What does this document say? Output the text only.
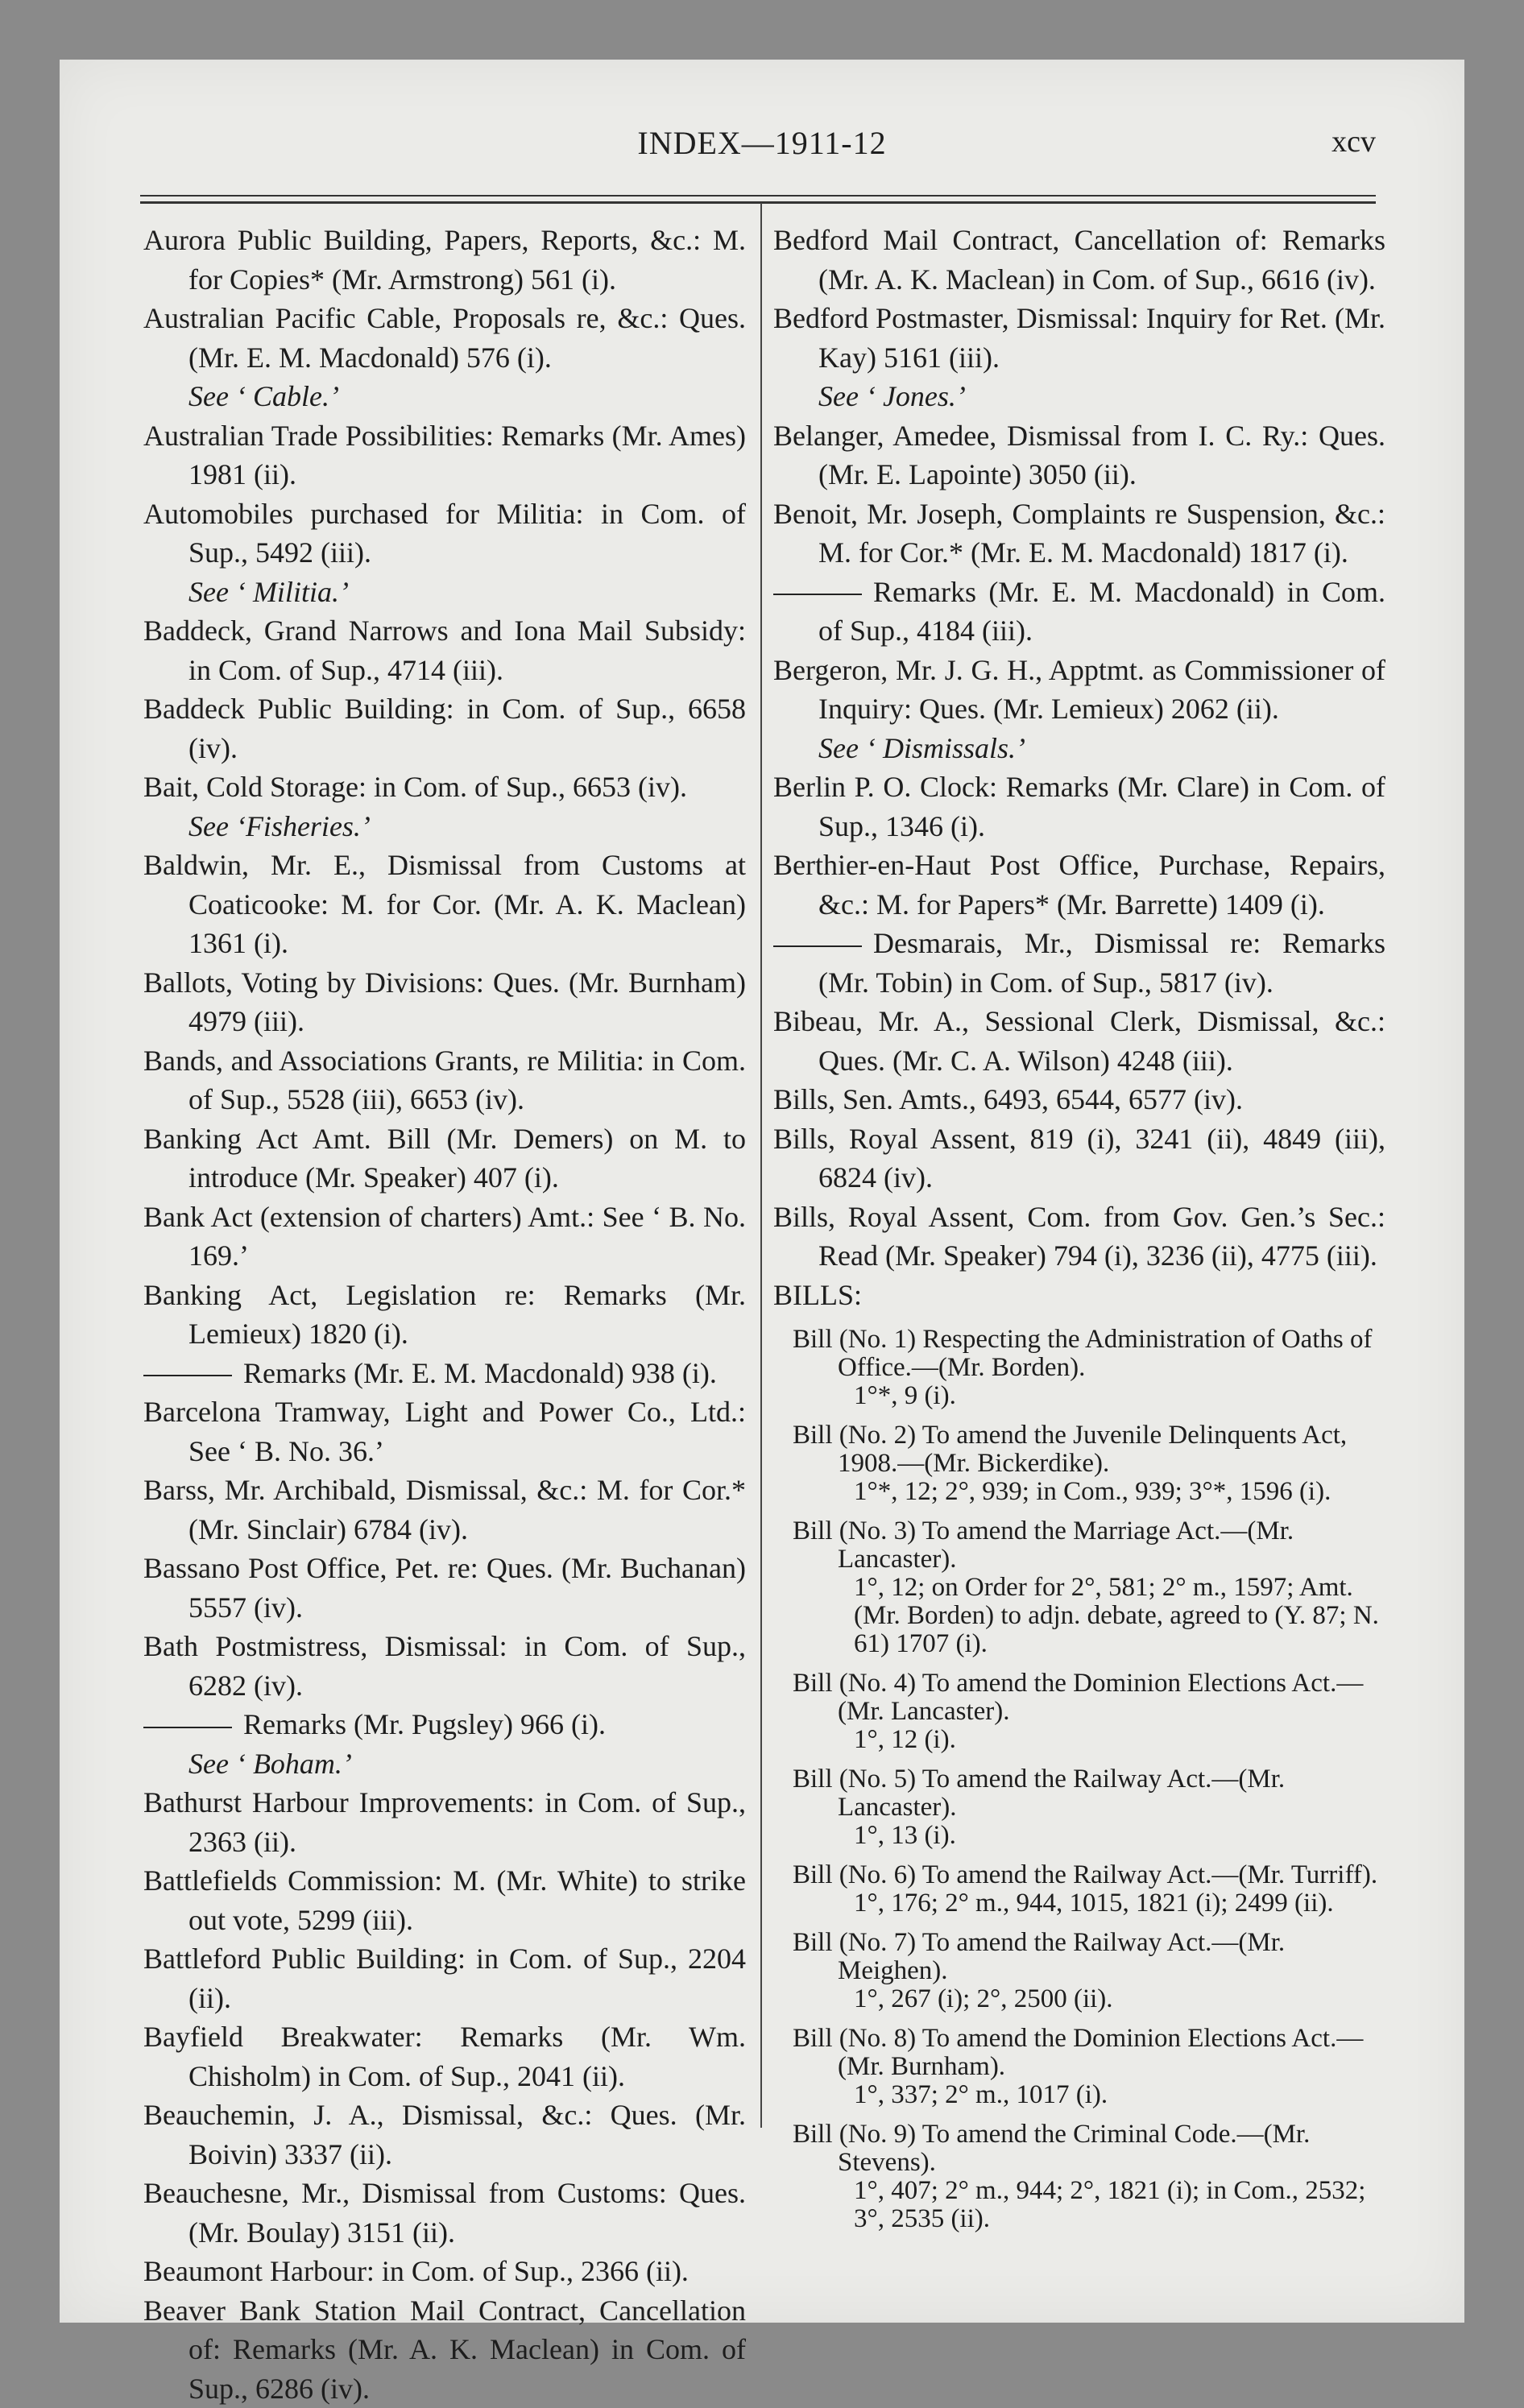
INDEX—1911-12	xcv

Aurora Public Building, Papers, Reports, &c.: M. for Copies* (Mr. Armstrong) 561 (i).

Australian Pacific Cable, Proposals re, &c.: Ques. (Mr. E. M. Macdonald) 576 (i).

See ‘ Cable.’

Australian Trade Possibilities: Remarks (Mr. Ames) 1981 (ii).

Automobiles purchased for Militia: in Com. of Sup., 5492 (iii).

See ‘ Militia.’

Baddeck, Grand Narrows and Iona Mail Subsidy: in Com. of Sup., 4714 (iii).

Baddeck Public Building: in Com. of Sup., 6658 (iv).

Bait, Cold Storage: in Com. of Sup., 6653 (iv).

See ‘Fisheries.’

Baldwin, Mr. E., Dismissal from Customs at Coaticooke: M. for Cor. (Mr. A. K. Maclean) 1361 (i).

Ballots, Voting by Divisions: Ques. (Mr. Burnham) 4979 (iii).

Bands, and Associations Grants, re Militia: in Com. of Sup., 5528 (iii), 6653 (iv).

Banking Act Amt. Bill (Mr. Demers) on M. to introduce (Mr. Speaker) 407 (i).

Bank Act (extension of charters) Amt.: See ‘ B. No. 169.’

Banking Act, Legislation re: Remarks (Mr. Lemieux) 1820 (i).

Remarks (Mr. E. M. Macdonald) 938 (i).

Barcelona Tramway, Light and Power Co., Ltd.: See ‘ B. No. 36.’

Barss, Mr. Archibald, Dismissal, &c.: M. for Cor.* (Mr. Sinclair) 6784 (iv).

Bassano Post Office, Pet. re: Ques. (Mr. Buchanan) 5557 (iv).

Bath Postmistress, Dismissal: in Com. of Sup., 6282 (iv).

Remarks (Mr. Pugsley) 966 (i).

See ‘ Boham.’

Bathurst Harbour Improvements: in Com. of Sup., 2363 (ii).

Battlefields Commission: M. (Mr. White) to strike out vote, 5299 (iii).

Battleford Public Building: in Com. of Sup., 2204 (ii).

Bayfield Breakwater: Remarks (Mr. Wm. Chisholm) in Com. of Sup., 2041 (ii).

Beauchemin, J. A., Dismissal, &c.: Ques. (Mr. Boivin) 3337 (ii).

Beauchesne, Mr., Dismissal from Customs: Ques. (Mr. Boulay) 3151 (ii).

Beaumont Harbour: in Com. of Sup., 2366 (ii).

Beaver Bank Station Mail Contract, Cancellation of: Remarks (Mr. A. K. Maclean) in Com. of Sup., 6286 (iv).

Bedford Mail Contract, Cancellation of: Remarks (Mr. A. K. Maclean) in Com. of Sup., 6616 (iv).

Bedford Postmaster, Dismissal: Inquiry for Ret. (Mr. Kay) 5161 (iii).

See ‘ Jones.’

Belanger, Amedee, Dismissal from I. C. Ry.: Ques. (Mr. E. Lapointe) 3050 (ii).

Benoit, Mr. Joseph, Complaints re Suspension, &c.: M. for Cor.* (Mr. E. M. Macdonald) 1817 (i).

Remarks (Mr. E. M. Macdonald) in Com. of Sup., 4184 (iii).

Bergeron, Mr. J. G. H., Apptmt. as Commissioner of Inquiry: Ques. (Mr. Lemieux) 2062 (ii).

See ‘ Dismissals.’

Berlin P. O. Clock: Remarks (Mr. Clare) in Com. of Sup., 1346 (i).

Berthier-en-Haut Post Office, Purchase, Repairs, &c.: M. for Papers* (Mr. Barrette) 1409 (i).

Desmarais, Mr., Dismissal re: Remarks (Mr. Tobin) in Com. of Sup., 5817 (iv).

Bibeau, Mr. A., Sessional Clerk, Dismissal, &c.: Ques. (Mr. C. A. Wilson) 4248 (iii).

Bills, Sen. Amts., 6493, 6544, 6577 (iv).

Bills, Royal Assent, 819 (i), 3241 (ii), 4849 (iii), 6824 (iv).

Bills, Royal Assent, Com. from Gov. Gen.’s Sec.: Read (Mr. Speaker) 794 (i), 3236 (ii), 4775 (iii).

BILLS:

Bill (No. 1) Respecting the Administration of Oaths of Office.—(Mr. Borden).
1°*, 9 (i).

Bill (No. 2) To amend the Juvenile Delinquents Act, 1908.—(Mr. Bickerdike).
1°*, 12; 2°, 939; in Com., 939; 3°*, 1596 (i).

Bill (No. 3) To amend the Marriage Act.—(Mr. Lancaster).
1°, 12; on Order for 2°, 581; 2° m., 1597; Amt. (Mr. Borden) to adjn. debate, agreed to (Y. 87; N. 61) 1707 (i).

Bill (No. 4) To amend the Dominion Elections Act.—(Mr. Lancaster).
1°, 12 (i).

Bill (No. 5) To amend the Railway Act.—(Mr. Lancaster).
1°, 13 (i).

Bill (No. 6) To amend the Railway Act.—(Mr. Turriff).
1°, 176; 2° m., 944, 1015, 1821 (i); 2499 (ii).

Bill (No. 7) To amend the Railway Act.—(Mr. Meighen).
1°, 267 (i); 2°, 2500 (ii).

Bill (No. 8) To amend the Dominion Elections Act.—(Mr. Burnham).
1°, 337; 2° m., 1017 (i).

Bill (No. 9) To amend the Criminal Code.—(Mr. Stevens).
1°, 407; 2° m., 944; 2°, 1821 (i); in Com., 2532; 3°, 2535 (ii).
